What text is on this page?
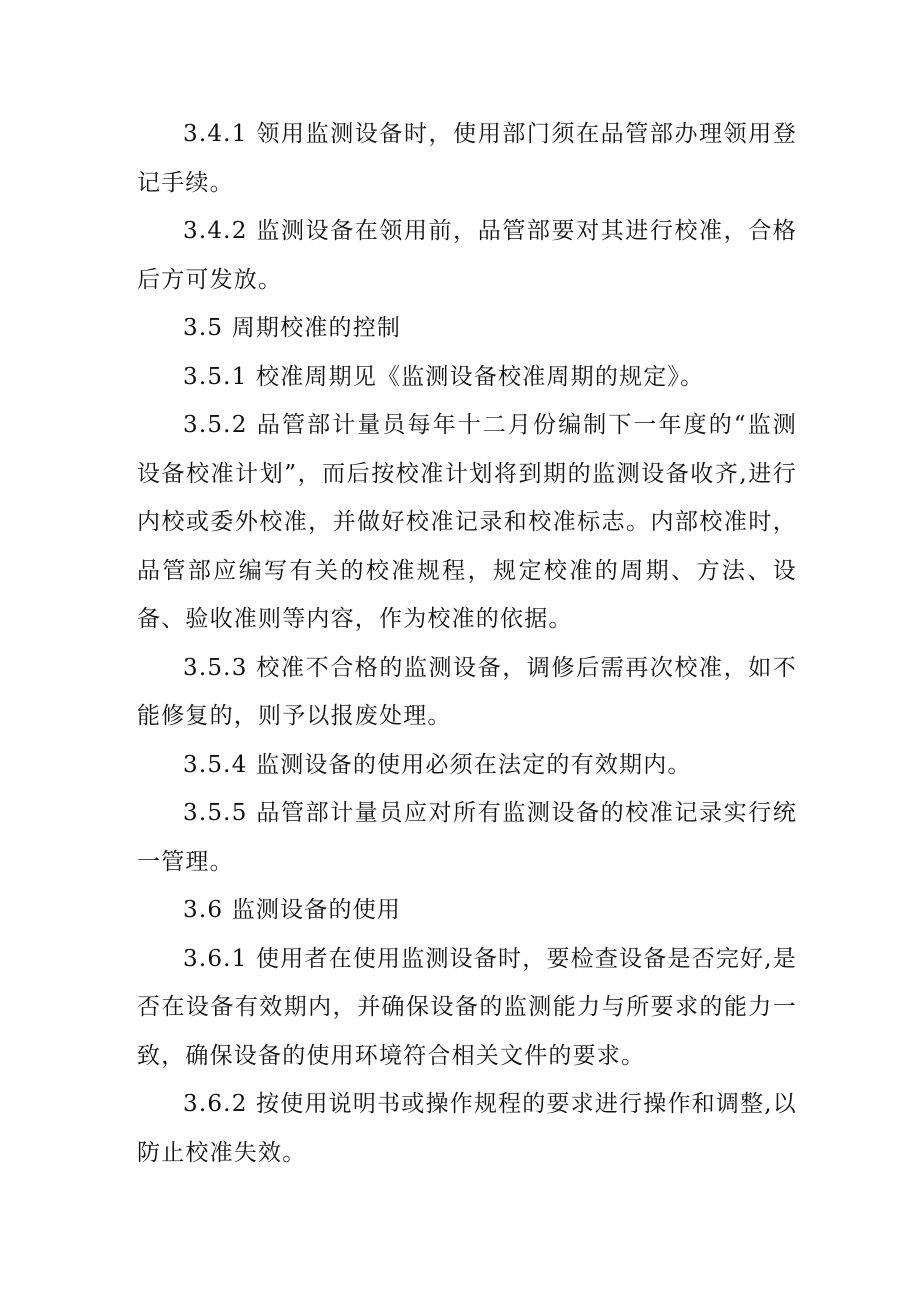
3.4.1 领用监测设备时，使用部门须在品管部办理领用登记手续。

3.4.2 监测设备在领用前，品管部要对其进行校准，合格后方可发放。

3.5 周期校准的控制

3.5.1 校准周期见《监测设备校准周期的规定》。

3.5.2 品管部计量员每年十二月份编制下一年度的“监测设备校准计划”，而后按校准计划将到期的监测设备收齐,进行内校或委外校准，并做好校准记录和校准标志。内部校准时，品管部应编写有关的校准规程，规定校准的周期、方法、设备、验收准则等内容，作为校准的依据。

3.5.3 校准不合格的监测设备，调修后需再次校准，如不能修复的，则予以报废处理。

3.5.4 监测设备的使用必须在法定的有效期内。

3.5.5 品管部计量员应对所有监测设备的校准记录实行统一管理。

3.6 监测设备的使用

3.6.1 使用者在使用监测设备时，要检查设备是否完好,是否在设备有效期内，并确保设备的监测能力与所要求的能力一致，确保设备的使用环境符合相关文件的要求。

3.6.2 按使用说明书或操作规程的要求进行操作和调整,以防止校准失效。
